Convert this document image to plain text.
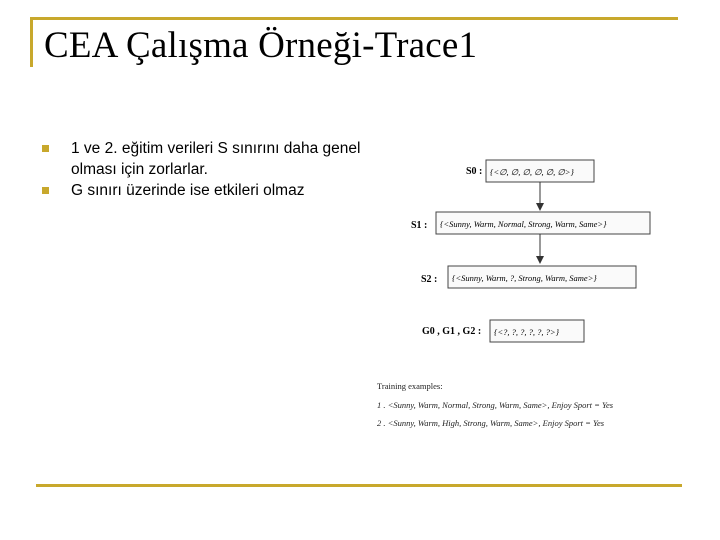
CEA Çalışma Örneği-Trace1
1 ve 2. eğitim verileri S sınırını daha genel olması için zorlarlar.
G sınırı üzerinde ise etkileri olmaz
S0 : {<∅, ∅, ∅, ∅, ∅, ∅>}
S1 : {<Sunny, Warm, Normal, Strong, Warm, Same>}
S2 : {<Sunny, Warm, ?, Strong, Warm, Same>}
G0 , G1 , G2 : {<?, ?, ?, ?, ?, ?>}
Training examples:
1 . <Sunny, Warm, Normal, Strong, Warm, Same>, Enjoy Sport = Yes
2 . <Sunny, Warm, High, Strong, Warm, Same>, Enjoy Sport = Yes
